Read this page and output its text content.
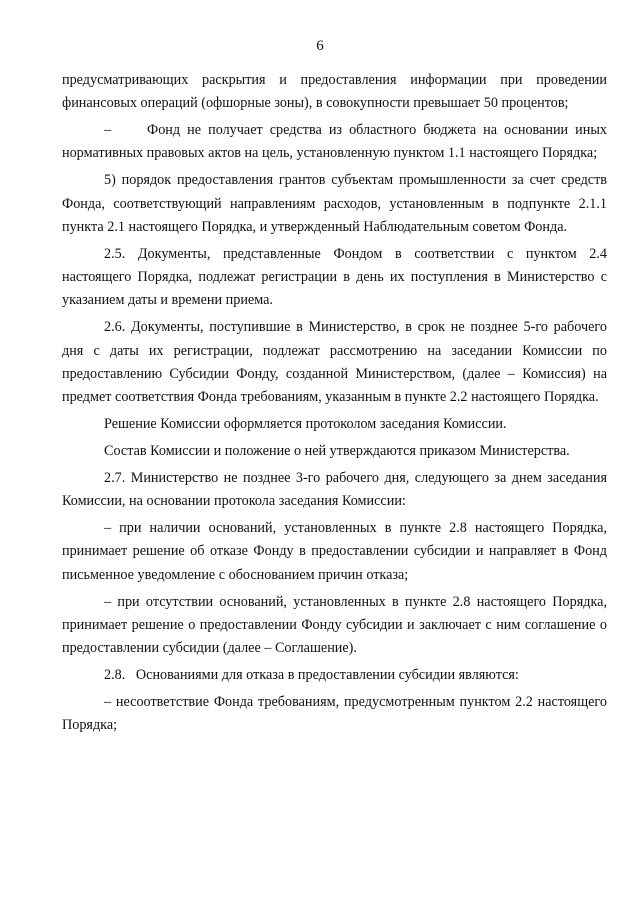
6

предусматривающих раскрытия и предоставления информации при проведении финансовых операций (офшорные зоны), в совокупности превышает 50 процентов;

–	Фонд не получает средства из областного бюджета на основании иных нормативных правовых актов на цель, установленную пунктом 1.1 настоящего Порядка;

5) порядок предоставления грантов субъектам промышленности за счет средств Фонда, соответствующий направлениям расходов, установленным в подпункте 2.1.1 пункта 2.1 настоящего Порядка, и утвержденный Наблюдательным советом Фонда.

2.5. Документы, представленные Фондом в соответствии с пунктом 2.4 настоящего Порядка, подлежат регистрации в день их поступления в Министерство с указанием даты и времени приема.

2.6. Документы, поступившие в Министерство, в срок не позднее 5-го рабочего дня с даты их регистрации, подлежат рассмотрению на заседании Комиссии по предоставлению Субсидии Фонду, созданной Министерством, (далее – Комиссия) на предмет соответствия Фонда требованиям, указанным в пункте 2.2 настоящего Порядка.

Решение Комиссии оформляется протоколом заседания Комиссии.

Состав Комиссии и положение о ней утверждаются приказом Министерства.

2.7. Министерство не позднее 3-го рабочего дня, следующего за днем заседания Комиссии, на основании протокола заседания Комиссии:

– при наличии оснований, установленных в пункте 2.8 настоящего Порядка, принимает решение об отказе Фонду в предоставлении субсидии и направляет в Фонд письменное уведомление с обоснованием причин отказа;

– при отсутствии оснований, установленных в пункте 2.8 настоящего Порядка, принимает решение о предоставлении Фонду субсидии и заключает с ним соглашение о предоставлении субсидии (далее – Соглашение).

2.8.   Основаниями для отказа в предоставлении субсидии являются:

– несоответствие Фонда требованиям, предусмотренным пунктом 2.2 настоящего Порядка;
